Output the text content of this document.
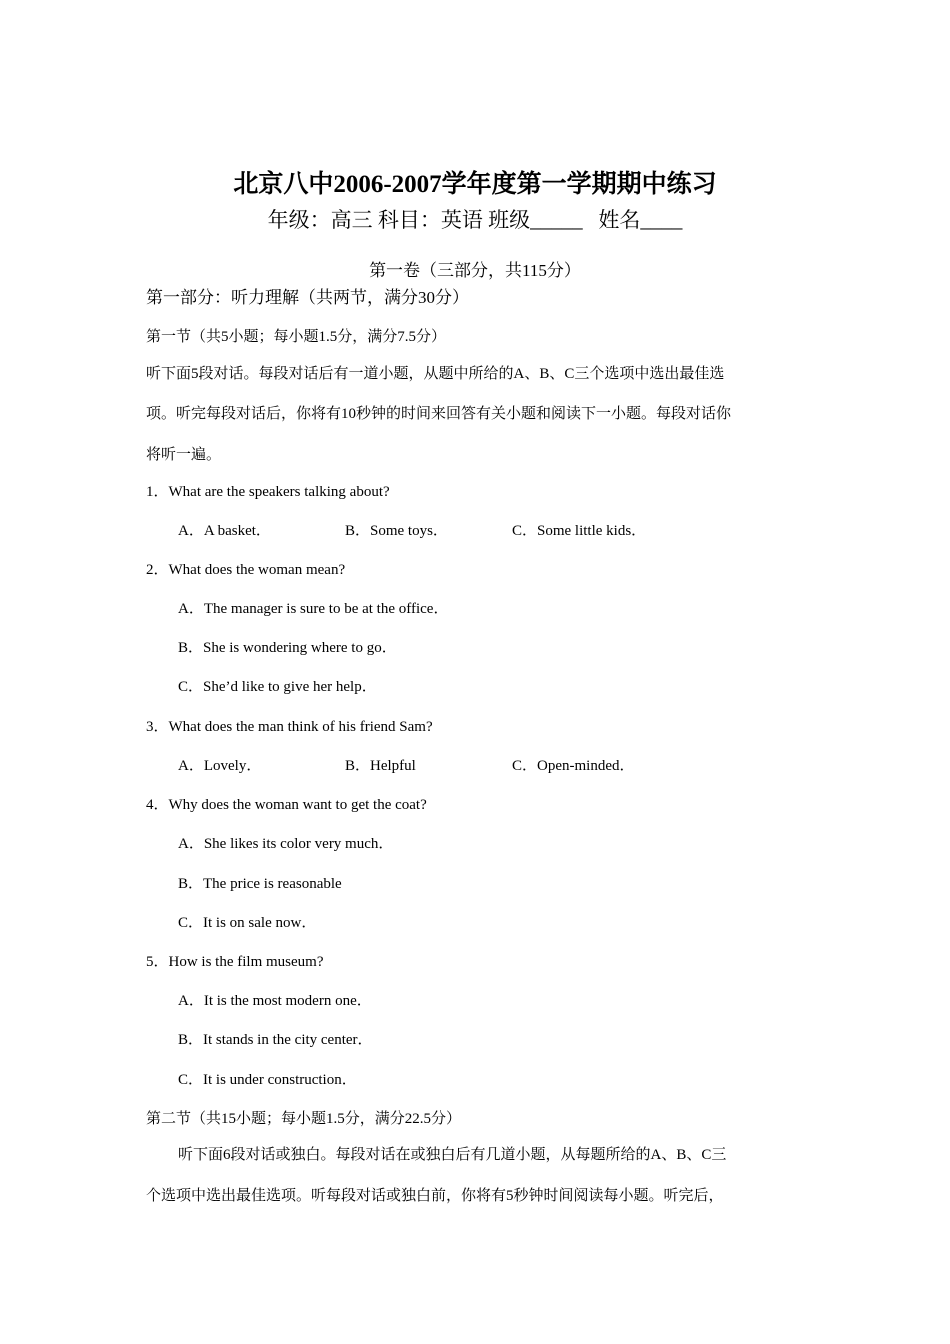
北京八中2006-2007学年度第一学期期中练习
年级：高三 科目：英语 班级_____ 姓名____
第一卷（三部分，共115分）
第一部分：听力理解（共两节，满分30分）
第一节（共5小题；每小题1.5分，满分7.5分）
听下面5段对话。每段对话后有一道小题，从题中所给的A、B、C三个选项中选出最佳选
项。听完每段对话后，你将有10秒钟的时间来回答有关小题和阅读下一小题。每段对话你
将听一遍。
1．What are the speakers talking about?
A．A basket．	B．Some toys．	C．Some little kids．
2．What does the woman mean?
A．The manager is sure to be at the office．
B．She is wondering where to go．
C．She’d like to give her help．
3．What does the man think of his friend Sam?
A．Lovely．	B．Helpful	C．Open-minded．
4．Why does the woman want to get the coat?
A．She likes its color very much．
B．The price is reasonable
C．It is on sale now．
5．How is the film museum?
A．It is the most modern one．
B．It stands in the city center．
C．It is under construction．
第二节（共15小题；每小题1.5分，满分22.5分）
听下面6段对话或独白。每段对话在或独白后有几道小题，从每题所给的A、B、C三
个选项中选出最佳选项。听每段对话或独白前，你将有5秒钟时间阅读每小题。听完后，
